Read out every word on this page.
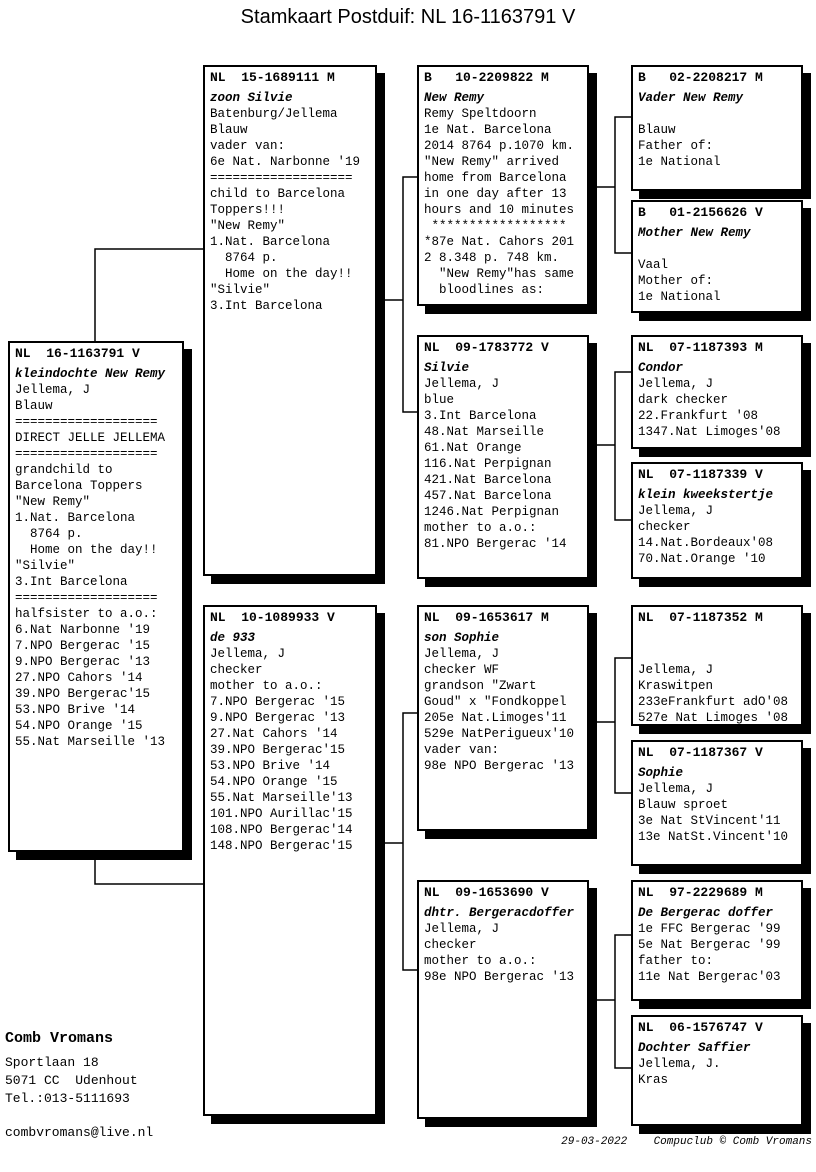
Stamkaart Postduif: NL 16-1163791 V
NL  16-1163791 V
kleindochte New Remy
Jellema, J
Blauw
===================
DIRECT JELLE JELLEMA
===================
grandchild to
Barcelona Toppers
"New Remy"
1.Nat. Barcelona
8764 p.
Home on the day!!
"Silvie"
3.Int Barcelona
===================
halfsister to a.o.:
6.Nat Narbonne '19
7.NPO Bergerac '15
9.NPO Bergerac '13
27.NPO Cahors '14
39.NPO Bergerac'15
53.NPO Brive '14
54.NPO Orange '15
55.Nat Marseille '13
NL  15-1689111 M
zoon Silvie
Batenburg/Jellema
Blauw
vader van:
6e Nat. Narbonne '19
===================
child to Barcelona
Toppers!!!
"New Remy"
1.Nat. Barcelona
8764 p.
Home on the day!!
"Silvie"
3.Int Barcelona
NL  10-1089933 V
de 933
Jellema, J
checker
mother to a.o.:
7.NPO Bergerac '15
9.NPO Bergerac '13
27.Nat Cahors '14
39.NPO Bergerac'15
53.NPO Brive '14
54.NPO Orange '15
55.Nat Marseille'13
101.NPO Aurillac'15
108.NPO Bergerac'14
148.NPO Bergerac'15
B   10-2209822 M
New Remy
Remy Speltdoorn
1e Nat. Barcelona
2014 8764 p.1070 km.
"New Remy" arrived
home from Barcelona
in one day after 13
hours and 10 minutes
******************
*87e Nat. Cahors 201
2 8.348 p. 748 km.
"New Remy"has same
bloodlines as:
NL  09-1783772 V
Silvie
Jellema, J
blue
3.Int Barcelona
48.Nat Marseille
61.Nat Orange
116.Nat Perpignan
421.Nat Barcelona
457.Nat Barcelona
1246.Nat Perpignan
mother to a.o.:
81.NPO Bergerac '14
NL  09-1653617 M
son Sophie
Jellema, J
checker WF
grandson "Zwart
Goud" x "Fondkoppel
205e Nat.Limoges'11
529e NatPerigueux'10
vader van:
98e NPO Bergerac '13
NL  09-1653690 V
dhtr. Bergeracdoffer
Jellema, J
checker
mother to a.o.:
98e NPO Bergerac '13
B   02-2208217 M
Vader New Remy

Blauw
Father of:
1e National
B   01-2156626 V
Mother New Remy

Vaal
Mother of:
1e National
NL  07-1187393 M
Condor
Jellema, J
dark checker
22.Frankfurt '08
1347.Nat Limoges'08
NL  07-1187339 V
klein kweekstertje
Jellema, J
checker
14.Nat.Bordeaux'08
70.Nat.Orange '10
NL  07-1187352 M

Jellema, J
Kraswitpen
233eFrankfurt adO'08
527e Nat Limoges '08
NL  07-1187367 V
Sophie
Jellema, J
Blauw sproet
3e Nat StVincent'11
13e NatSt.Vincent'10
NL  97-2229689 M
De Bergerac doffer
1e FFC Bergerac '99
5e Nat Bergerac '99
father to:
11e Nat Bergerac'03
NL  06-1576747 V
Dochter Saffier
Jellema, J.
Kras
Comb Vromans
Sportlaan 18
5071 CC  Udenhout
Tel.:013-5111693
combvromans@live.nl
29-03-2022    Compuclub © Comb Vromans
